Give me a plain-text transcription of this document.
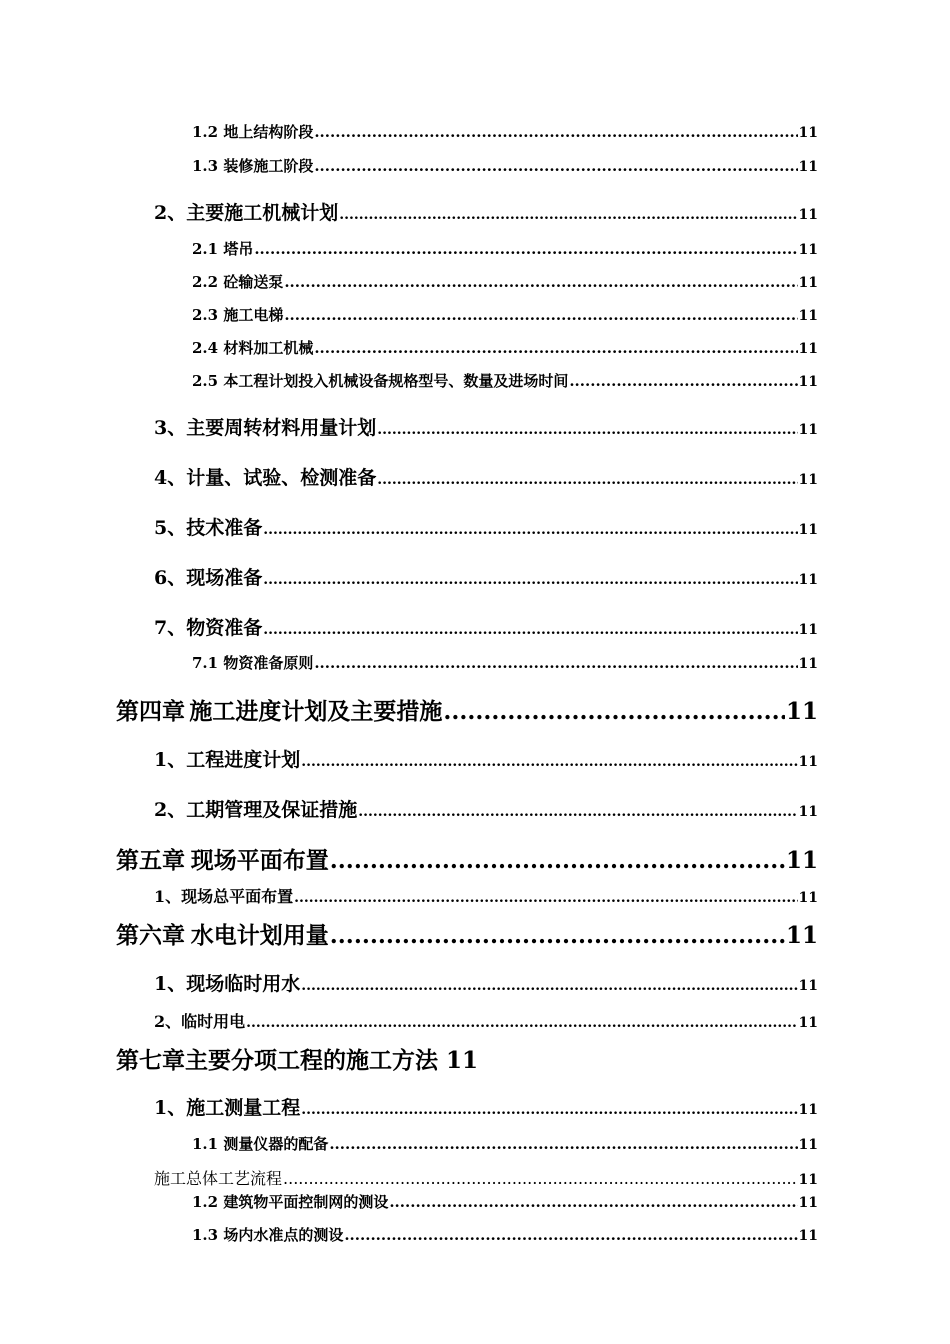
1.2 地上结构阶段 .....	11
1.3 装修施工阶段 .....	11
2、主要施工机械计划 .....	11
2.1 塔吊 .....	11
2.2 砼输送泵 .....	11
2.3 施工电梯 .....	11
2.4 材料加工机械 .....	11
2.5 本工程计划投入机械设备规格型号、数量及进场时间 .....	11
3、主要周转材料用量计划 .....	11
4、计量、试验、检测准备 .....	11
5、技术准备 .....	11
6、现场准备 .....	11
7、物资准备 .....	11
7.1 物资准备原则 .....	11
第四章 施工进度计划及主要措施 .....	11
1、工程进度计划 .....	11
2、工期管理及保证措施 .....	11
第五章 现场平面布置 .....	11
1、现场总平面布置 .....	11
第六章 水电计划用量 .....	11
1、现场临时用水 .....	11
2、临时用电 .....	11
第七章主要分项工程的施工方法 11
1、施工测量工程 .....	11
1.1 测量仪器的配备 .....	11
施工总体工艺流程 .....	11
1.2 建筑物平面控制网的测设 .....	11
1.3 场内水准点的测设 .....	11
